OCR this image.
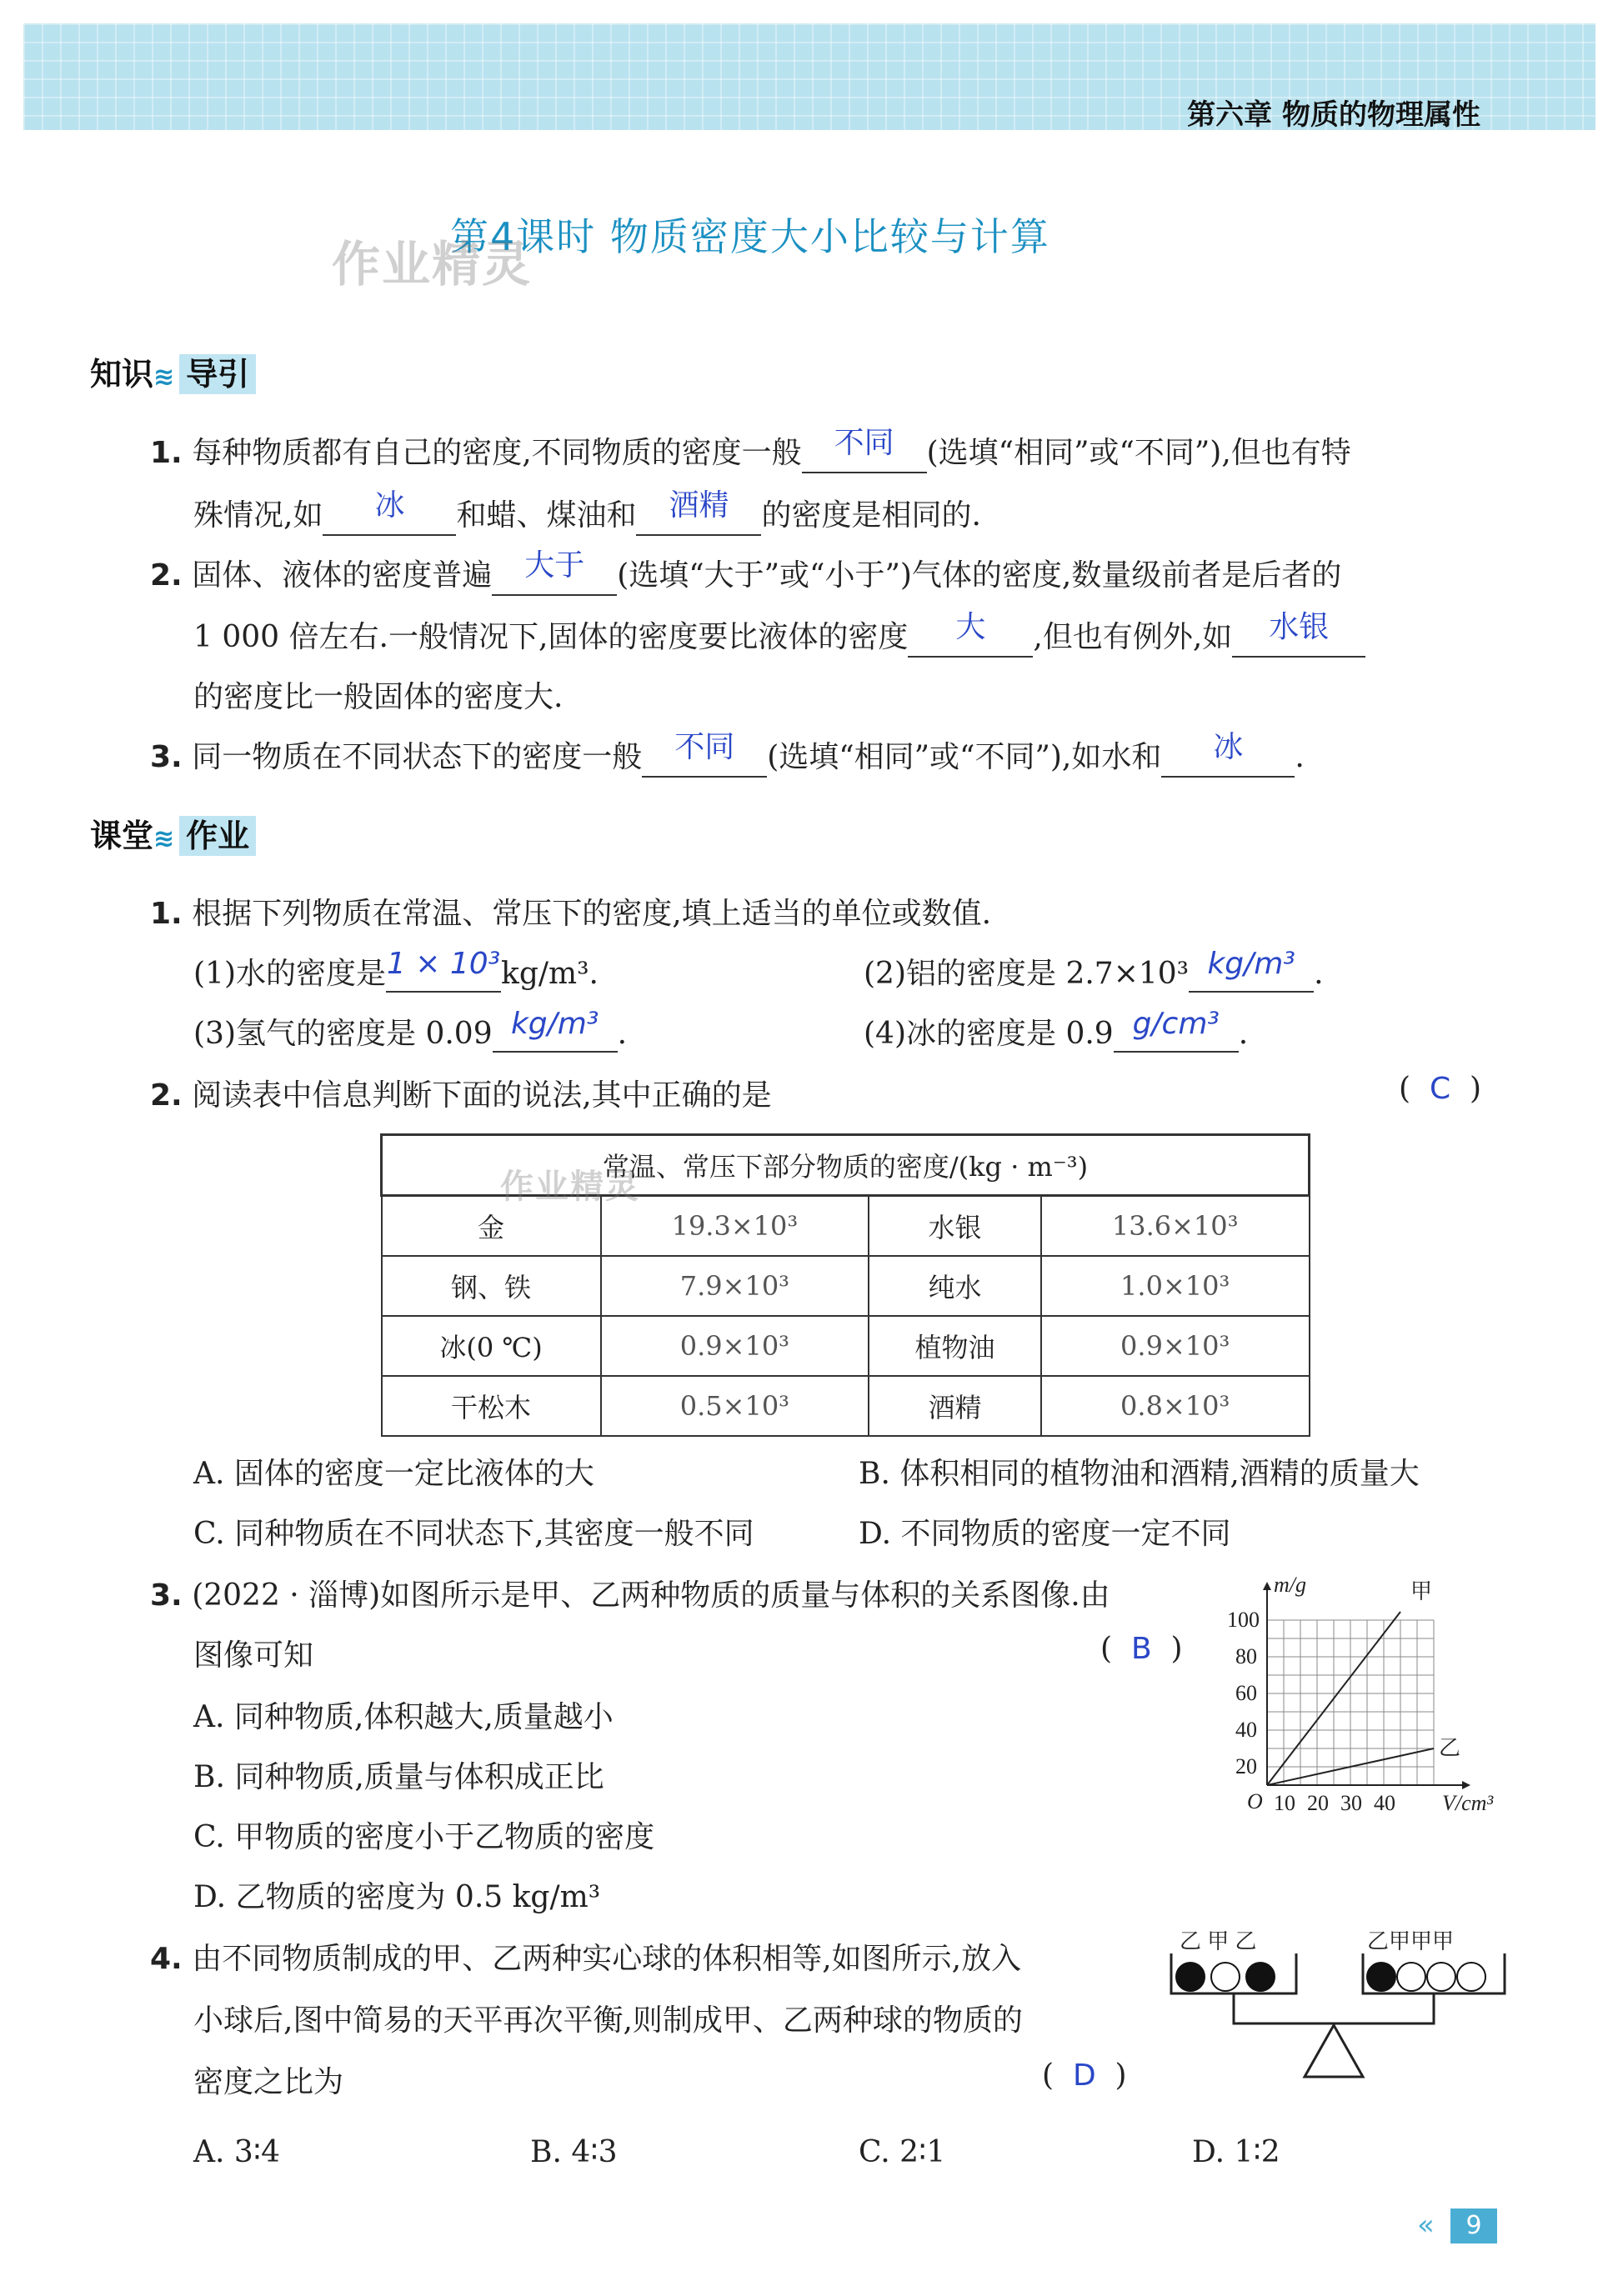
第六章 物质的物理属性
第4课时 物质密度大小比较与计算
作业精灵
知识≋ 导引
1. 每种物质都有自己的密度,不同物质的密度一般 不同 (选填“相同”或“不同”),但也有特
殊情况,如 冰 和蜡、煤油和 酒精 的密度是相同的.
2. 固体、液体的密度普遍 大于 (选填“大于”或“小于”)气体的密度,数量级前者是后者的
1 000 倍左右.一般情况下,固体的密度要比液体的密度 大 ,但也有例外,如 水银
的密度比一般固体的密度大.
3. 同一物质在不同状态下的密度一般 不同 (选填“相同”或“不同”),如水和 冰 .
课堂≋ 作业
1. 根据下列物质在常温、常压下的密度,填上适当的单位或数值.
(1)水的密度是1 × 10³kg/m³.	(2)铝的密度是 2.7×10³ kg/m³ .
(3)氢气的密度是 0.09 kg/m³ .	(4)冰的密度是 0.9 g/cm³ .
2. 阅读表中信息判断下面的说法,其中正确的是	(  C  )
常温、常压下部分物质的密度/(kg · m⁻³)			
金	19.3×10³	水银	13.6×10³
钢、铁	7.9×10³	纯水	1.0×10³
冰(0 ℃)	0.9×10³	植物油	0.9×10³
干松木	0.5×10³	酒精	0.8×10³
作业精灵
A. 固体的密度一定比液体的大	B. 体积相同的植物油和酒精,酒精的质量大
C. 同种物质在不同状态下,其密度一般不同	D. 不同物质的密度一定不同
3. (2022 · 淄博)如图所示是甲、乙两种物质的质量与体积的关系图像.由
图像可知	(  B  )
A. 同种物质,体积越大,质量越小
B. 同种物质,质量与体积成正比
C. 甲物质的密度小于乙物质的密度
D. 乙物质的密度为 0.5 kg/m³
m/g	甲
乙
O
100
80
60
40
20
10 20 30 40 V/cm³
4. 由不同物质制成的甲、乙两种实心球的体积相等,如图所示,放入
小球后,图中简易的天平再次平衡,则制成甲、乙两种球的物质的
密度之比为	(  D  )
A. 3∶4	B. 4∶3	C. 2∶1	D. 1∶2
乙 甲 乙	乙甲甲甲
«	9
